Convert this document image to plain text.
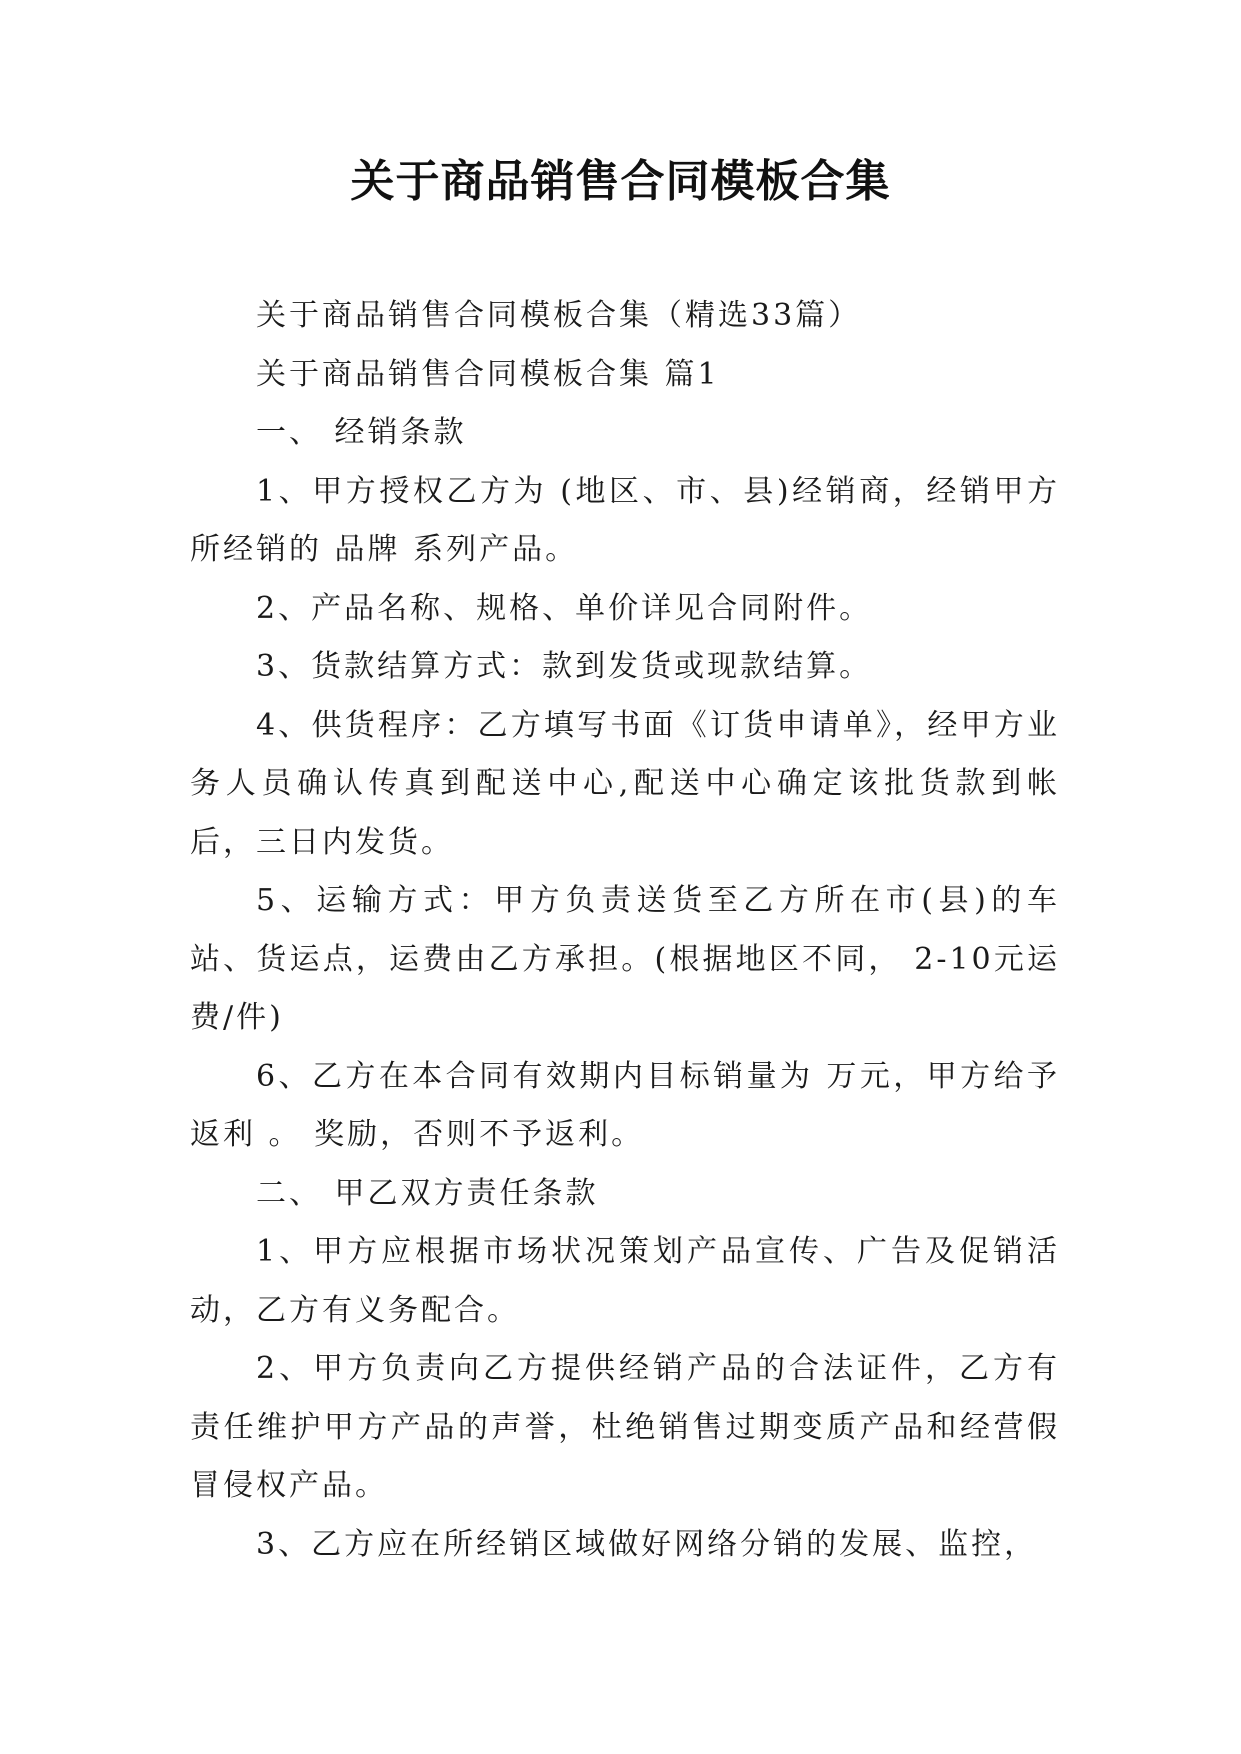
关于商品销售合同模板合集

关于商品销售合同模板合集（精选33篇）

关于商品销售合同模板合集 篇1

一、 经销条款

1、甲方授权乙方为 (地区、市、县)经销商，经销甲方所经销的 品牌 系列产品。

2、产品名称、规格、单价详见合同附件。

3、货款结算方式：款到发货或现款结算。

4、供货程序：乙方填写书面《订货申请单》，经甲方业务人员确认传真到配送中心,配送中心确定该批货款到帐后，三日内发货。

5、运输方式：甲方负责送货至乙方所在市(县)的车站、货运点，运费由乙方承担。(根据地区不同， 2-10元运费/件)

6、乙方在本合同有效期内目标销量为 万元，甲方给予返利 。 奖励，否则不予返利。

二、 甲乙双方责任条款

1、甲方应根据市场状况策划产品宣传、广告及促销活动，乙方有义务配合。

2、甲方负责向乙方提供经销产品的合法证件，乙方有责任维护甲方产品的声誉，杜绝销售过期变质产品和经营假冒侵权产品。

3、乙方应在所经销区域做好网络分销的发展、监控，
